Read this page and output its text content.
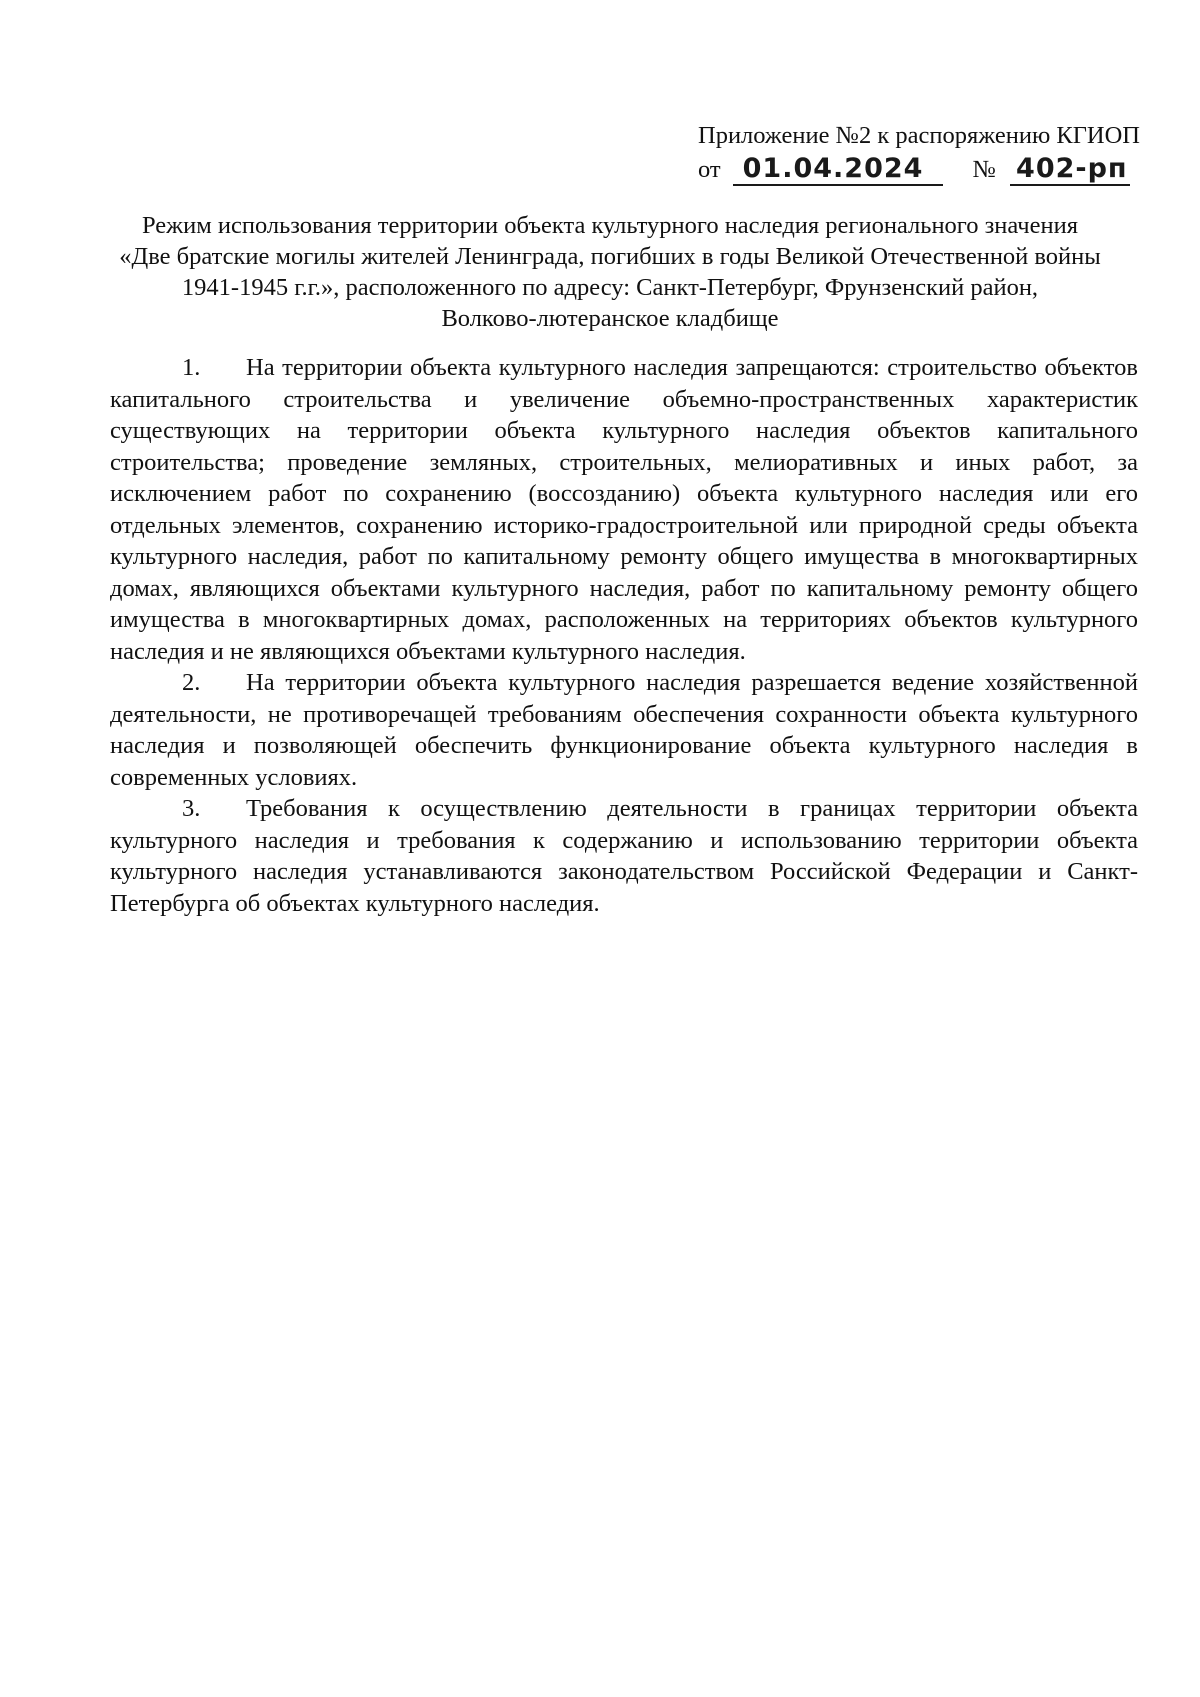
Приложение №2 к распоряжению КГИОП
от 01.04.2024	№ 402-рп
Режим использования территории объекта культурного наследия регионального значения
«Две братские могилы жителей Ленинграда, погибших в годы Великой Отечественной войны
1941-1945 г.г.», расположенного по адресу: Санкт-Петербург, Фрунзенский район,
Волково-лютеранское кладбище

1. На территории объекта культурного наследия запрещаются: строительство объектов капитального строительства и увеличение объемно-пространственных характеристик существующих на территории объекта культурного наследия объектов капитального строительства; проведение земляных, строительных, мелиоративных и иных работ, за исключением работ по сохранению (воссозданию) объекта культурного наследия или его отдельных элементов, сохранению историко-градостроительной или природной среды объекта культурного наследия, работ по капитальному ремонту общего имущества в многоквартирных домах, являющихся объектами культурного наследия, работ по капитальному ремонту общего имущества в многоквартирных домах, расположенных на территориях объектов культурного наследия и не являющихся объектами культурного наследия.

2. На территории объекта культурного наследия разрешается ведение хозяйственной деятельности, не противоречащей требованиям обеспечения сохранности объекта культурного наследия и позволяющей обеспечить функционирование объекта культурного наследия в современных условиях.

3. Требования к осуществлению деятельности в границах территории объекта культурного наследия и требования к содержанию и использованию территории объекта культурного наследия устанавливаются законодательством Российской Федерации и Санкт-Петербурга об объектах культурного наследия.
